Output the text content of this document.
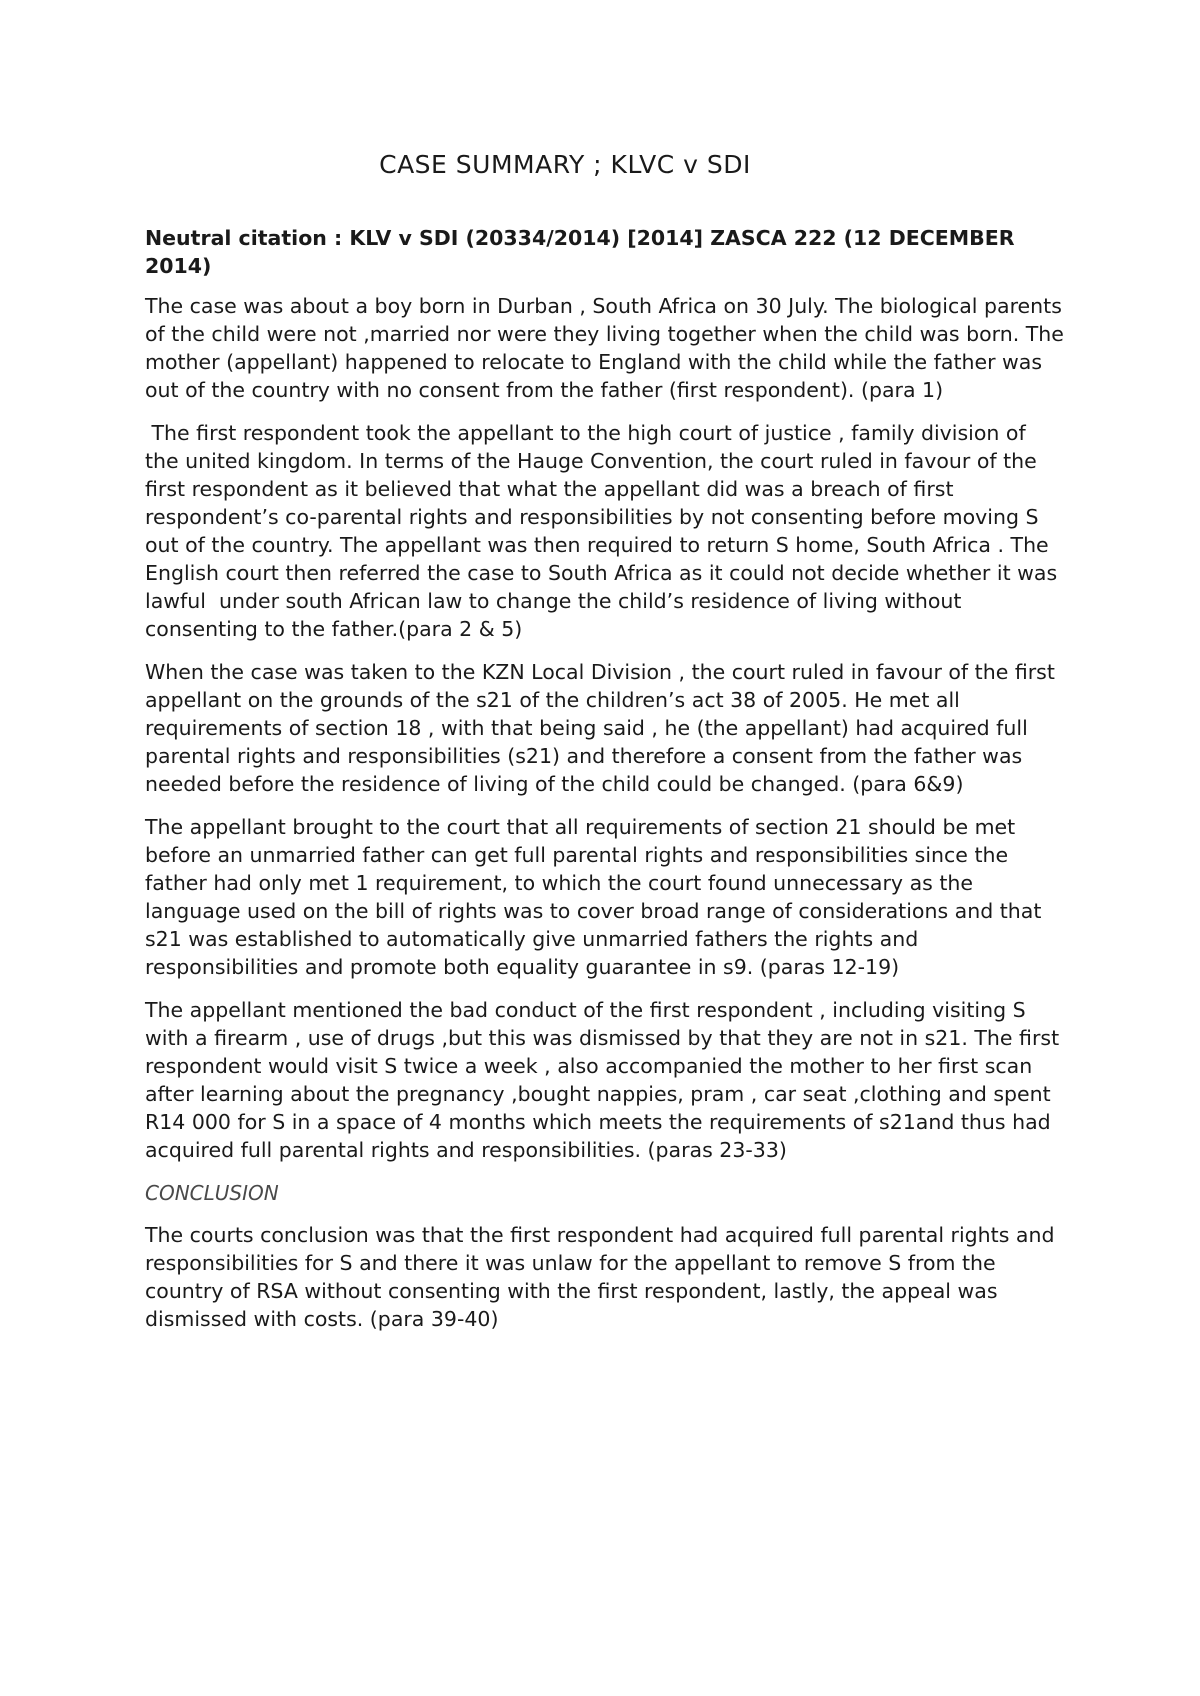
CASE SUMMARY ; KLVC v SDI
Neutral citation : KLV v SDI (20334/2014) [2014] ZASCA 222 (12 DECEMBER 2014)

The case was about a boy born in Durban , South Africa on 30 July. The biological parents of the child were not ,married nor were they living together when the child was born. The mother (appellant) happened to relocate to England with the child while the father was out of the country with no consent from the father (first respondent). (para 1)

The first respondent took the appellant to the high court of justice , family division of the united kingdom. In terms of the Hauge Convention, the court ruled in favour of the first respondent as it believed that what the appellant did was a breach of first respondent’s co-parental rights and responsibilities by not consenting before moving S out of the country. The appellant was then required to return S home, South Africa . The English court then referred the case to South Africa as it could not decide whether it was lawful  under south African law to change the child’s residence of living without consenting to the father.(para 2 & 5)

When the case was taken to the KZN Local Division , the court ruled in favour of the first appellant on the grounds of the s21 of the children’s act 38 of 2005. He met all requirements of section 18 , with that being said , he (the appellant) had acquired full parental rights and responsibilities (s21) and therefore a consent from the father was needed before the residence of living of the child could be changed. (para 6&9)

The appellant brought to the court that all requirements of section 21 should be met before an unmarried father can get full parental rights and responsibilities since the father had only met 1 requirement, to which the court found unnecessary as the language used on the bill of rights was to cover broad range of considerations and that s21 was established to automatically give unmarried fathers the rights and responsibilities and promote both equality guarantee in s9. (paras 12-19)

The appellant mentioned the bad conduct of the first respondent , including visiting S with a firearm , use of drugs ,but this was dismissed by that they are not in s21. The first respondent would visit S twice a week , also accompanied the mother to her first scan after learning about the pregnancy ,bought nappies, pram , car seat ,clothing and spent R14 000 for S in a space of 4 months which meets the requirements of s21and thus had acquired full parental rights and responsibilities. (paras 23-33)

CONCLUSION

The courts conclusion was that the first respondent had acquired full parental rights and responsibilities for S and there it was unlaw for the appellant to remove S from the country of RSA without consenting with the first respondent, lastly, the appeal was dismissed with costs. (para 39-40)
